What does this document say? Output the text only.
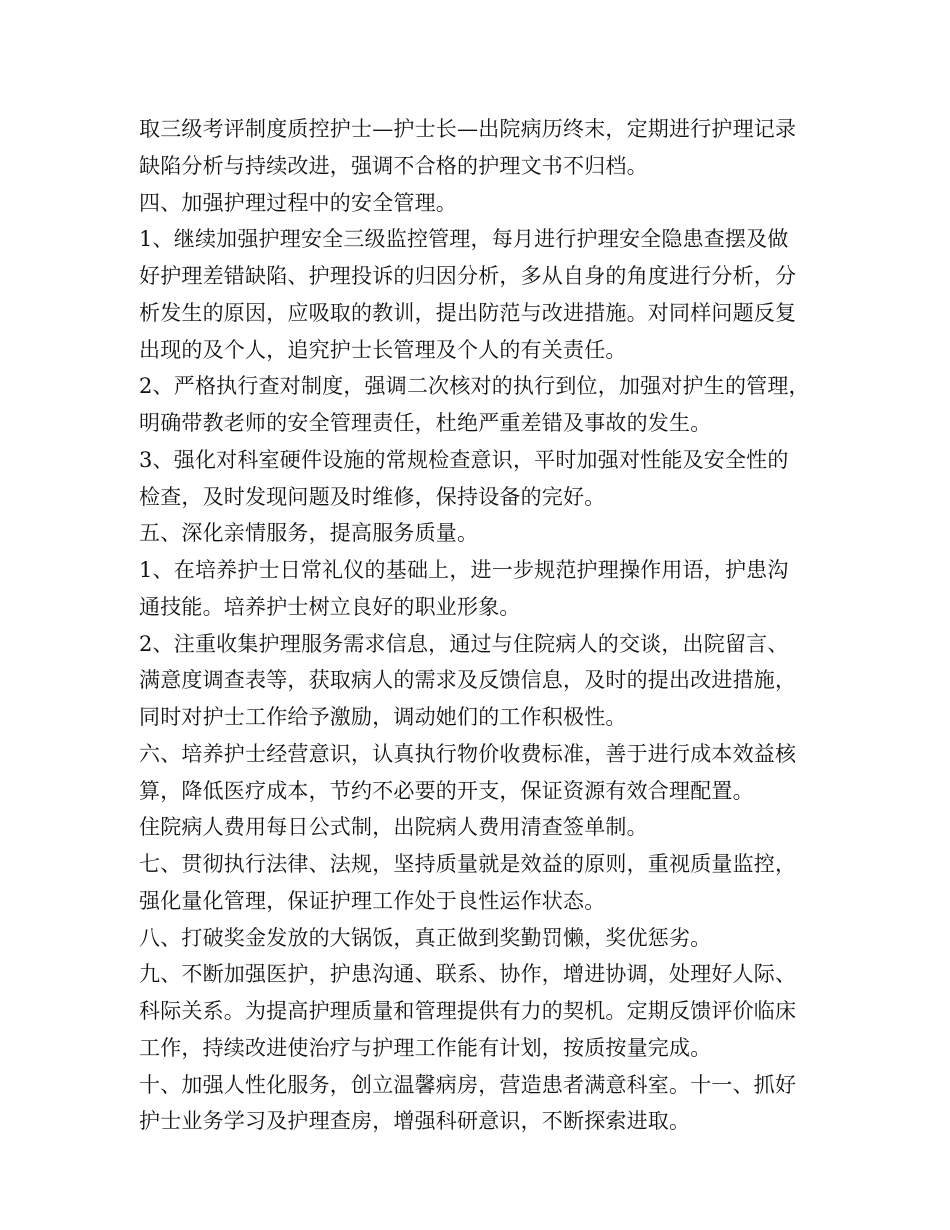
取三级考评制度质控护士—护士长—出院病历终末，定期进行护理记录
缺陷分析与持续改进，强调不合格的护理文书不归档。
四、加强护理过程中的安全管理。
1、继续加强护理安全三级监控管理，每月进行护理安全隐患查摆及做
好护理差错缺陷、护理投诉的归因分析，多从自身的角度进行分析，分
析发生的原因，应吸取的教训，提出防范与改进措施。对同样问题反复
出现的及个人，追究护士长管理及个人的有关责任。
2、严格执行查对制度，强调二次核对的执行到位，加强对护生的管理，
明确带教老师的安全管理责任，杜绝严重差错及事故的发生。
3、强化对科室硬件设施的常规检查意识，平时加强对性能及安全性的
检查，及时发现问题及时维修，保持设备的完好。
五、深化亲情服务，提高服务质量。
1、在培养护士日常礼仪的基础上，进一步规范护理操作用语，护患沟
通技能。培养护士树立良好的职业形象。
2、注重收集护理服务需求信息，通过与住院病人的交谈，出院留言、
满意度调查表等，获取病人的需求及反馈信息，及时的提出改进措施，
同时对护士工作给予激励，调动她们的工作积极性。
六、培养护士经营意识，认真执行物价收费标准，善于进行成本效益核
算，降低医疗成本，节约不必要的开支，保证资源有效合理配置。
住院病人费用每日公式制，出院病人费用清查签单制。
七、贯彻执行法律、法规，坚持质量就是效益的原则，重视质量监控，
强化量化管理，保证护理工作处于良性运作状态。
八、打破奖金发放的大锅饭，真正做到奖勤罚懒，奖优惩劣。
九、不断加强医护，护患沟通、联系、协作，增进协调，处理好人际、
科际关系。为提高护理质量和管理提供有力的契机。定期反馈评价临床
工作，持续改进使治疗与护理工作能有计划，按质按量完成。
十、加强人性化服务，创立温馨病房，营造患者满意科室。十一、抓好
护士业务学习及护理查房，增强科研意识，不断探索进取。
